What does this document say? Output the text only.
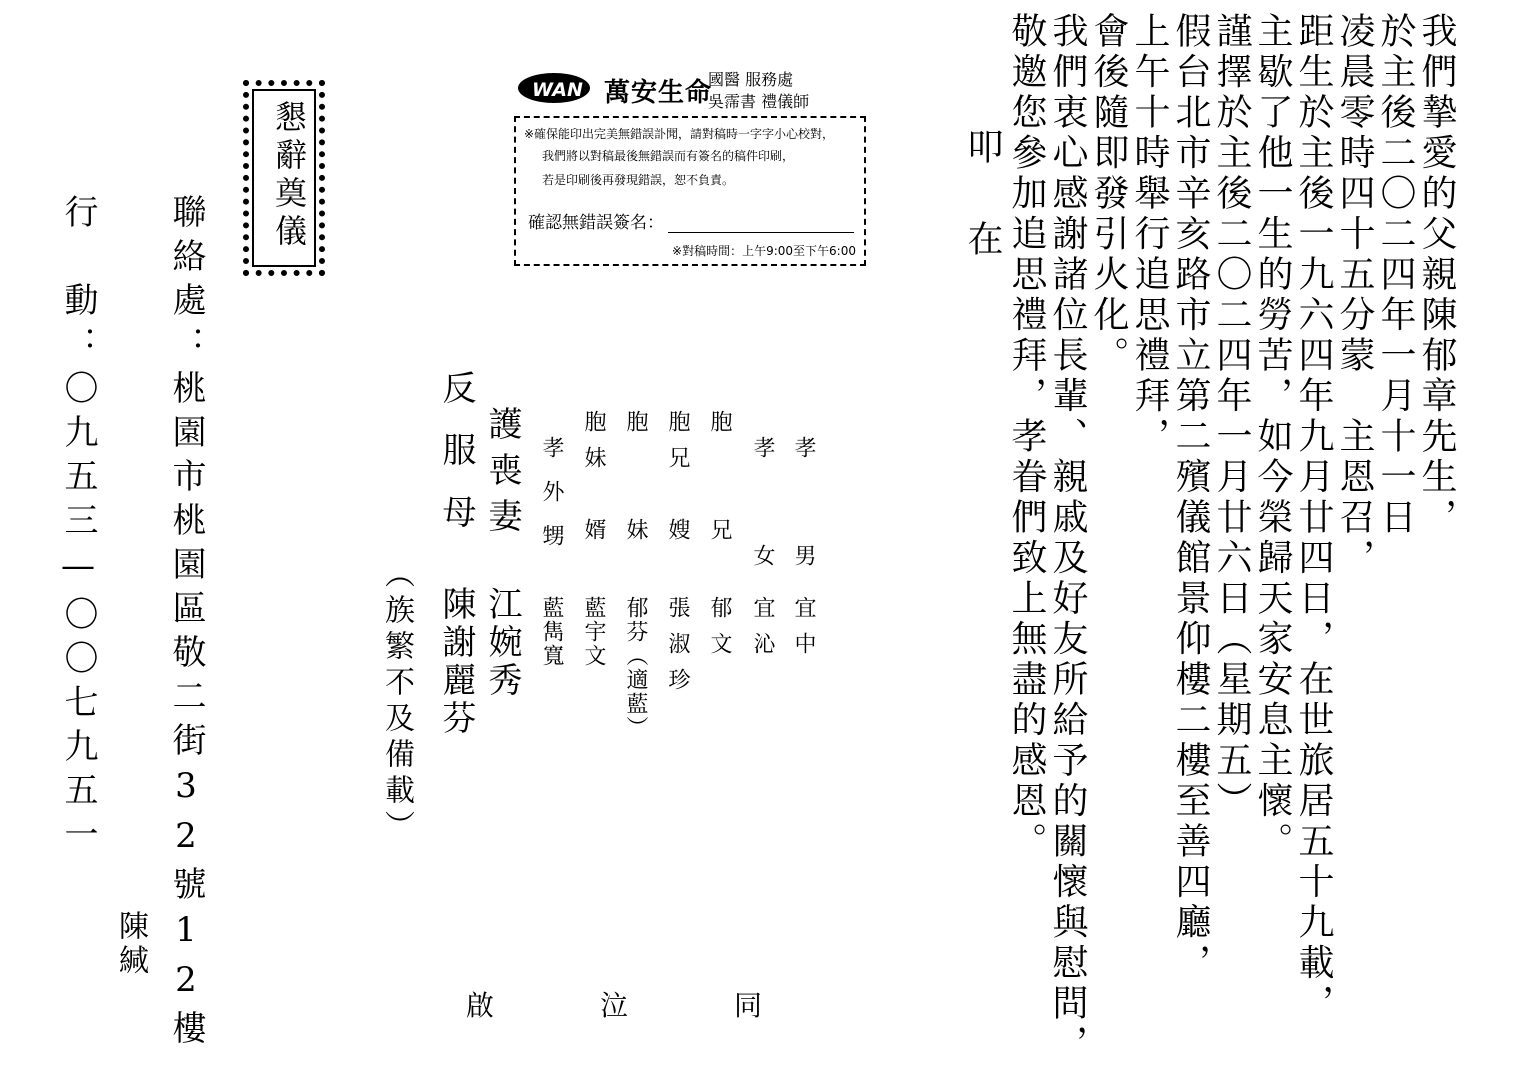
我們摯愛的父親陳郁章先生，
於主後二〇二四年一月十一日
凌晨零時四十五分蒙　主恩召，
距生於主後一九六四年九月廿四日，在世旅居五十九載，
主歇了他一生的勞苦，如今榮歸天家安息主懷。
謹擇於主後二〇二四年一月廿六日（星期五）
假台北市辛亥路市立第二殯儀館景仰樓二樓至善四廳，
上午十時舉行追思禮拜，
會後隨即發引火化。
我們衷心感謝諸位長輩、親戚及好友所給予的關懷與慰問，
敬邀您參加追思禮拜，孝眷們致上無盡的感恩。
叩　在
WAN 萬安生命
國醫 服務處
吳霈書 禮儀師
※確保能印出完美無錯誤訃聞，請對稿時一字字小心校對，
我們將以對稿最後無錯誤而有簽名的稿件印刷，
若是印刷後再發現錯誤，恕不負責。
確認無錯誤簽名：
※對稿時間：上午9:00至下午6:00
懇辭奠儀
孝　　男
宜中
孝　　女
宜沁
胞　　兄
郁文
胞兄　嫂
張淑珍
胞　　妹
郁芬（適藍）
胞妹　婿
藍宇文
孝外甥
藍雋寬
護喪妻
江婉秀
反服母
陳謝麗芬
（族繁不及備載）
啟	泣	同
聯絡處：桃園市桃園區敬二街32號12樓
行　動：〇九五三—〇〇七九五一
陳緘
